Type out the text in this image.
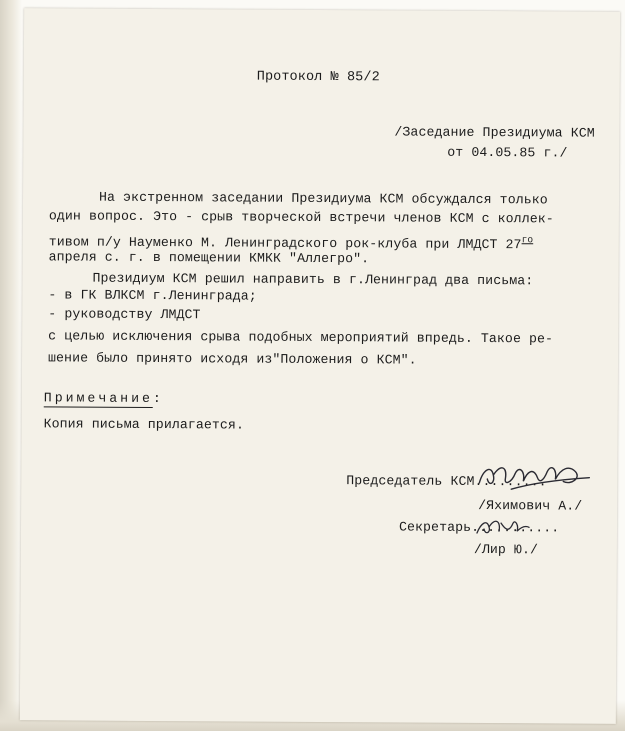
Протокол № 85/2
/Заседание Президиума КСМ
от 04.05.85 г./
На экстренном заседании Президиума КСМ обсуждался только
один вопрос. Это - срыв творческой встречи членов КСМ с коллек-
тивом п/у Науменко М. Ленинградского рок-клуба при ЛМДСТ $27^{го}$
апреля с. г. в помещении КМКК "Аллегро".
Президиум КСМ решил направить в г.Ленинград два письма:
- в ГК ВЛКСМ г.Ленинграда;
- руководству ЛМДСТ
с целью исключения срыва подобных мероприятий впредь. Такое ре-
шение было принято исходя из"Положения о КСМ".
Примечание:
Копия письма прилагается.
Председатель КСМ.........
/Яхимович А./
Секретарь...........
/Лир Ю./
